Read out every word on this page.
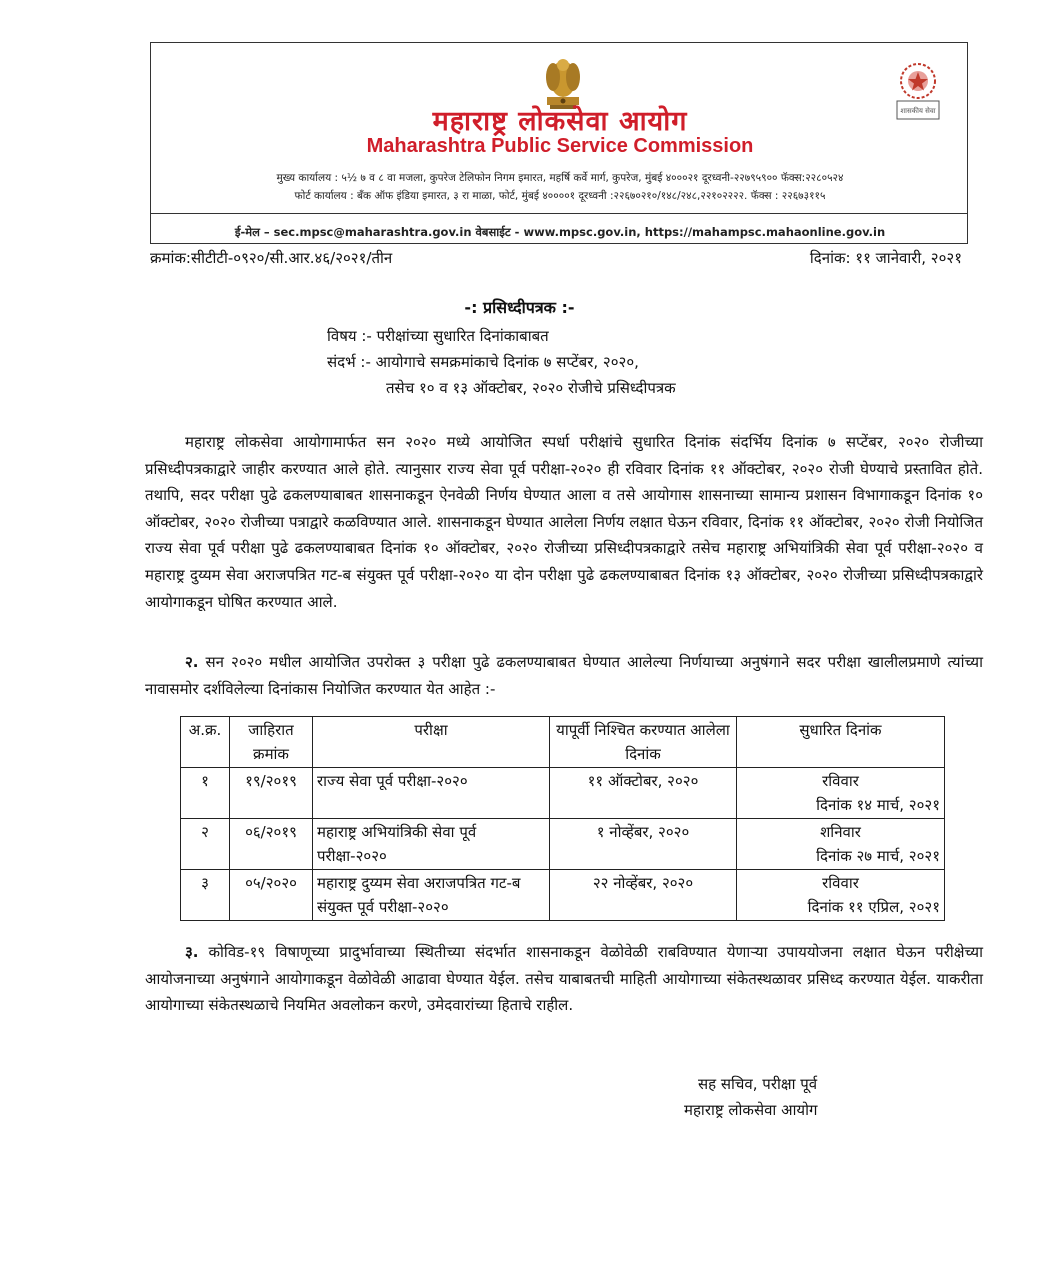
शासकीय सेवा
महाराष्ट्र लोकसेवा आयोग
Maharashtra Public Service Commission
मुख्य कार्यालय : ५½ ७ व ८ वा मजला, कुपरेज टेलिफोन निगम इमारत, महर्षि कर्वे मार्ग, कुपरेज, मुंबई ४०००२१ दूरध्वनी-२२७९५९०० फॅक्स:२२८०५२४
फोर्ट कार्यालय : बँक ऑफ इंडिया इमारत, ३ रा माळा, फोर्ट, मुंबई ४००००१ दूरध्वनी :२२६७०२१०/१४८/२४८,२२१०२२२२. फॅक्स : २२६७३११५
ई-मेल – sec.mpsc@maharashtra.gov.in वेबसाईट - www.mpsc.gov.in, https://mahampsc.mahaonline.gov.in
क्रमांक:सीटीटी-०९२०/सी.आर.४६/२०२१/तीन	दिनांक: ११ जानेवारी, २०२१
-: प्रसिध्दीपत्रक :-
विषय :- परीक्षांच्या सुधारित दिनांकाबाबत
संदर्भ :- आयोगाचे समक्रमांकाचे दिनांक ७ सप्टेंबर, २०२०,
तसेच १० व १३ ऑक्टोबर, २०२० रोजीचे प्रसिध्दीपत्रक
महाराष्ट्र लोकसेवा आयोगामार्फत सन २०२० मध्ये आयोजित स्पर्धा परीक्षांचे सुधारित दिनांक संदर्भिय दिनांक ७ सप्टेंबर, २०२० रोजीच्या प्रसिध्दीपत्रकाद्वारे जाहीर करण्यात आले होते. त्यानुसार राज्य सेवा पूर्व परीक्षा-२०२० ही रविवार दिनांक ११ ऑक्टोबर, २०२० रोजी घेण्याचे प्रस्तावित होते. तथापि, सदर परीक्षा पुढे ढकलण्याबाबत शासनाकडून ऐनवेळी निर्णय घेण्यात आला व तसे आयोगास शासनाच्या सामान्य प्रशासन विभागाकडून दिनांक १० ऑक्टोबर, २०२० रोजीच्या पत्राद्वारे कळविण्यात आले. शासनाकडून घेण्यात आलेला निर्णय लक्षात घेऊन रविवार, दिनांक ११ ऑक्टोबर, २०२० रोजी नियोजित राज्य सेवा पूर्व परीक्षा पुढे ढकलण्याबाबत दिनांक १० ऑक्टोबर, २०२० रोजीच्या प्रसिध्दीपत्रकाद्वारे तसेच महाराष्ट्र अभियांत्रिकी सेवा पूर्व परीक्षा-२०२० व महाराष्ट्र दुय्यम सेवा अराजपत्रित गट-ब संयुक्त पूर्व परीक्षा-२०२० या दोन परीक्षा पुढे ढकलण्याबाबत दिनांक १३ ऑक्टोबर, २०२० रोजीच्या प्रसिध्दीपत्रकाद्वारे आयोगाकडून घोषित करण्यात आले.
२. सन २०२० मधील आयोजित उपरोक्त ३ परीक्षा पुढे ढकलण्याबाबत घेण्यात आलेल्या निर्णयाच्या अनुषंगाने सदर परीक्षा खालीलप्रमाणे त्यांच्या नावासमोर दर्शविलेल्या दिनांकास नियोजित करण्यात येत आहेत :-
अ.क्र.	जाहिरात क्रमांक	परीक्षा	यापूर्वी निश्चित करण्यात आलेला दिनांक	सुधारित दिनांक
१	१९/२०१९	राज्य सेवा पूर्व परीक्षा-२०२०	११ ऑक्टोबर, २०२०	रविवार
दिनांक १४ मार्च, २०२१

२	०६/२०१९	महाराष्ट्र अभियांत्रिकी सेवा पूर्व परीक्षा-२०२०	१ नोव्हेंबर, २०२०	शनिवार
दिनांक २७ मार्च, २०२१

३	०५/२०२०	महाराष्ट्र दुय्यम सेवा अराजपत्रित गट-ब संयुक्त पूर्व परीक्षा-२०२०	२२ नोव्हेंबर, २०२०	रविवार
दिनांक ११ एप्रिल, २०२१
३. कोविड-१९ विषाणूच्या प्रादुर्भावाच्या स्थितीच्या संदर्भात शासनाकडून वेळोवेळी राबविण्यात येणाऱ्या उपाययोजना लक्षात घेऊन परीक्षेच्या आयोजनाच्या अनुषंगाने आयोगाकडून वेळोवेळी आढावा घेण्यात येईल. तसेच याबाबतची माहिती आयोगाच्या संकेतस्थळावर प्रसिध्द करण्यात येईल. याकरीता आयोगाच्या संकेतस्थळाचे नियमित अवलोकन करणे, उमेदवारांच्या हिताचे राहील.
सह सचिव, परीक्षा पूर्व
महाराष्ट्र लोकसेवा आयोग
